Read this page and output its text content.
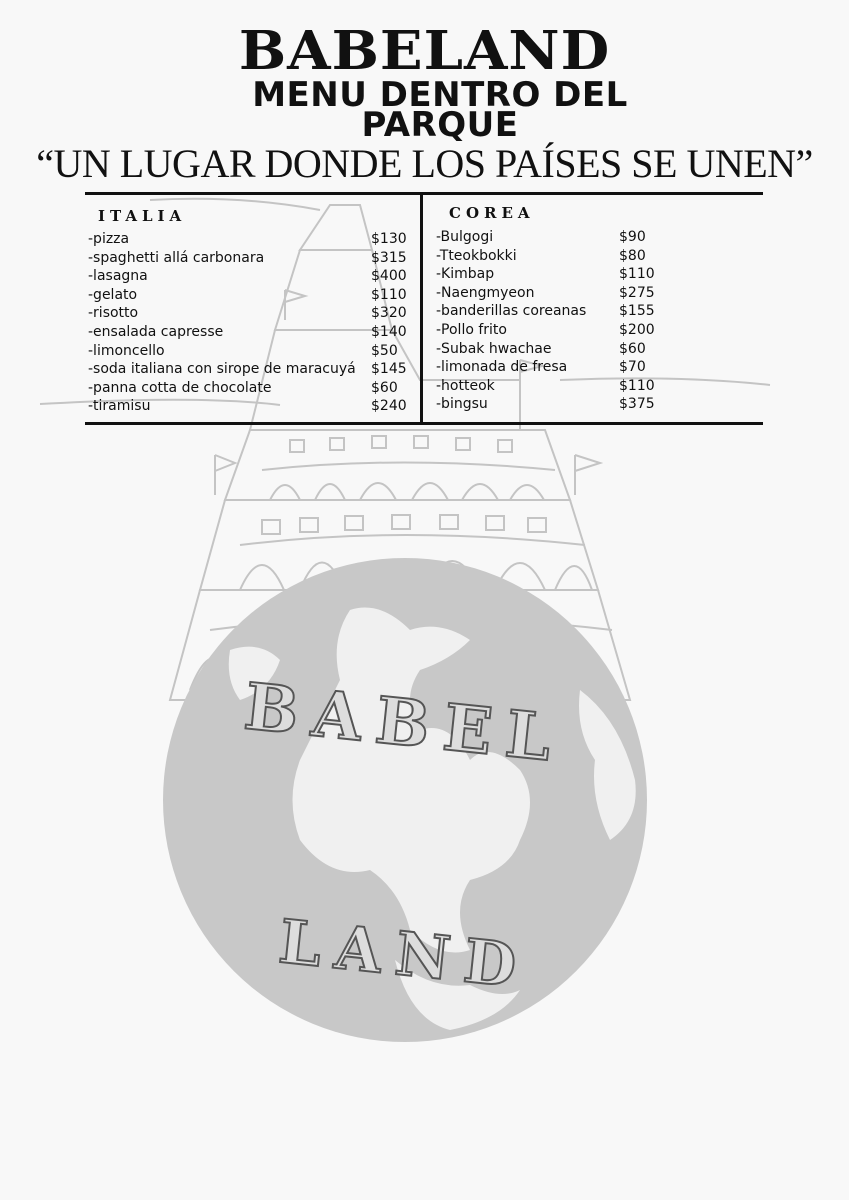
BABEL
LAND
BABELAND
MENU DENTRO DEL PARQUE
“UN LUGAR DONDE LOS PAÍSES SE UNEN”
ITALIA
-pizza	$130
-spaghetti allá carbonara	$315
-lasagna	$400
-gelato	$110
-risotto	$320
-ensalada capresse	$140
-limoncello	$50
-soda italiana con sirope de maracuyá $145
-panna cotta de chocolate	$60
-tiramisu	$240
COREA
-Bulgogi	$90
-Tteokbokki	$80
-Kimbap	$110
-Naengmyeon	$275
-banderillas coreanas $155
-Pollo frito	$200
-Subak hwachae	$60
-limonada de fresa	$70
-hotteok	$110
-bingsu	$375
